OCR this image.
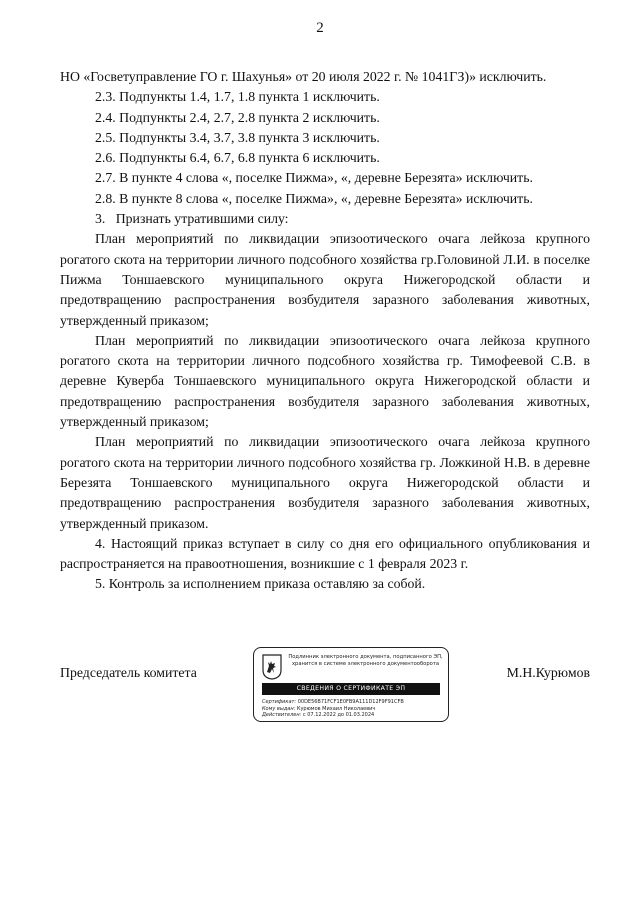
2

НО «Госветуправление ГО г. Шахунья» от 20 июля 2022 г. № 1041ГЗ)» исключить.

2.3. Подпункты 1.4, 1.7, 1.8 пункта 1 исключить.

2.4. Подпункты 2.4, 2.7, 2.8 пункта 2 исключить.

2.5. Подпункты 3.4, 3.7, 3.8 пункта 3 исключить.

2.6. Подпункты 6.4, 6.7, 6.8 пункта 6 исключить.

2.7. В пункте 4 слова «, поселке Пижма», «, деревне Березята» исключить.

2.8. В пункте 8 слова «, поселке Пижма», «, деревне Березята» исключить.

3.   Признать утратившими силу:

План мероприятий по ликвидации эпизоотического очага лейкоза крупного рогатого скота на территории личного подсобного хозяйства гр.Головиной Л.И. в поселке Пижма Тоншаевского муниципального округа Нижегородской области и предотвращению распространения возбудителя заразного заболевания животных, утвержденный приказом;

План мероприятий по ликвидации эпизоотического очага лейкоза крупного рогатого скота на территории личного подсобного хозяйства гр. Тимофеевой С.В. в деревне Куверба Тоншаевского муниципального округа Нижегородской области и предотвращению распространения возбудителя заразного заболевания животных, утвержденный приказом;

План мероприятий по ликвидации эпизоотического очага лейкоза крупного рогатого скота на территории личного подсобного хозяйства гр. Ложкиной Н.В. в деревне Березята Тоншаевского муниципального округа Нижегородской области и предотвращению распространения возбудителя заразного заболевания животных, утвержденный приказом.

4. Настоящий приказ вступает в силу со дня его официального опубликования и распространяется на правоотношения, возникшие с 1 февраля 2023 г.

5. Контроль за исполнением приказа оставляю за собой.

Председатель комитета	М.Н.Курюмов
Подлинник электронного документа, подписанного ЭП,
хранится в системе электронного документооборота
СВЕДЕНИЯ О СЕРТИФИКАТЕ ЭП
Сертификат: 00DE56B71FCF1E0FB9A111D12F9F91CFB
Кому выдан: Курюмов Михаил Николаевич
Действителен: с 07.12.2022 до 01.03.2024
